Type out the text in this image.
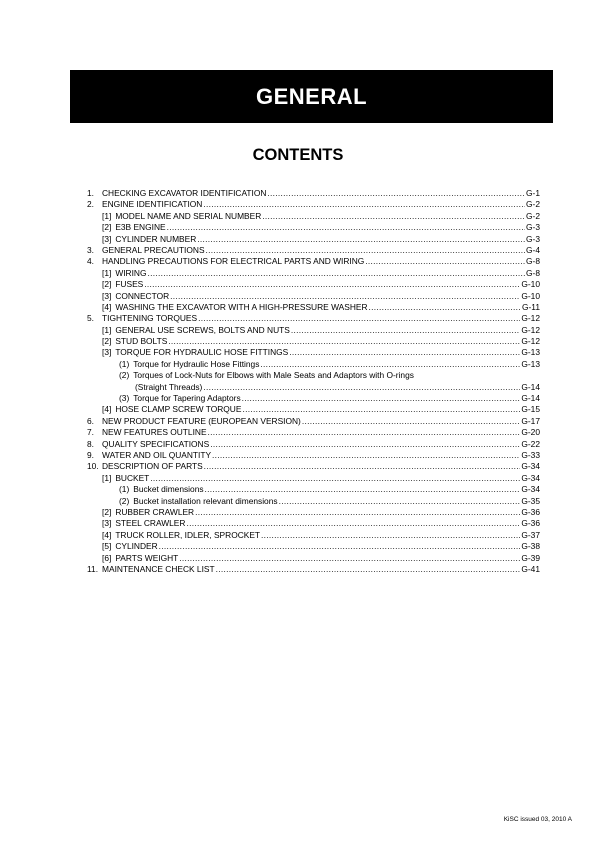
GENERAL
CONTENTS
1. CHECKING EXCAVATOR IDENTIFICATION .....	G-1
2. ENGINE IDENTIFICATION .....	G-2
[1] MODEL NAME AND SERIAL NUMBER .....	G-2
[2] E3B ENGINE .....	G-3
[3] CYLINDER NUMBER .....	G-3
3. GENERAL PRECAUTIONS .....	G-4
4. HANDLING PRECAUTIONS FOR ELECTRICAL PARTS AND WIRING .....	G-8
[1] WIRING .....	G-8
[2] FUSES .....	G-10
[3] CONNECTOR .....	G-10
[4] WASHING THE EXCAVATOR WITH A HIGH-PRESSURE WASHER .....	G-11
5. TIGHTENING TORQUES .....	G-12
[1] GENERAL USE SCREWS, BOLTS AND NUTS .....	G-12
[2] STUD BOLTS .....	G-12
[3] TORQUE FOR HYDRAULIC HOSE FITTINGS .....	G-13
(1) Torque for Hydraulic Hose Fittings .....	G-13
(2) Torques of Lock-Nuts for Elbows with Male Seats and Adaptors with O-rings
(Straight Threads) .....	G-14
(3) Torque for Tapering Adaptors .....	G-14
[4] HOSE CLAMP SCREW TORQUE .....	G-15
6. NEW PRODUCT FEATURE (EUROPEAN VERSION) .....	G-17
7. NEW FEATURES OUTLINE .....	G-20
8. QUALITY SPECIFICATIONS .....	G-22
9. WATER AND OIL QUANTITY .....	G-33
10. DESCRIPTION OF PARTS .....	G-34
[1] BUCKET .....	G-34
(1) Bucket dimensions .....	G-34
(2) Bucket installation relevant dimensions .....	G-35
[2] RUBBER CRAWLER .....	G-36
[3] STEEL CRAWLER .....	G-36
[4] TRUCK ROLLER, IDLER, SPROCKET .....	G-37
[5] CYLINDER .....	G-38
[6] PARTS WEIGHT .....	G-39
11. MAINTENANCE CHECK LIST .....	G-41
KiSC issued 03, 2010 A
